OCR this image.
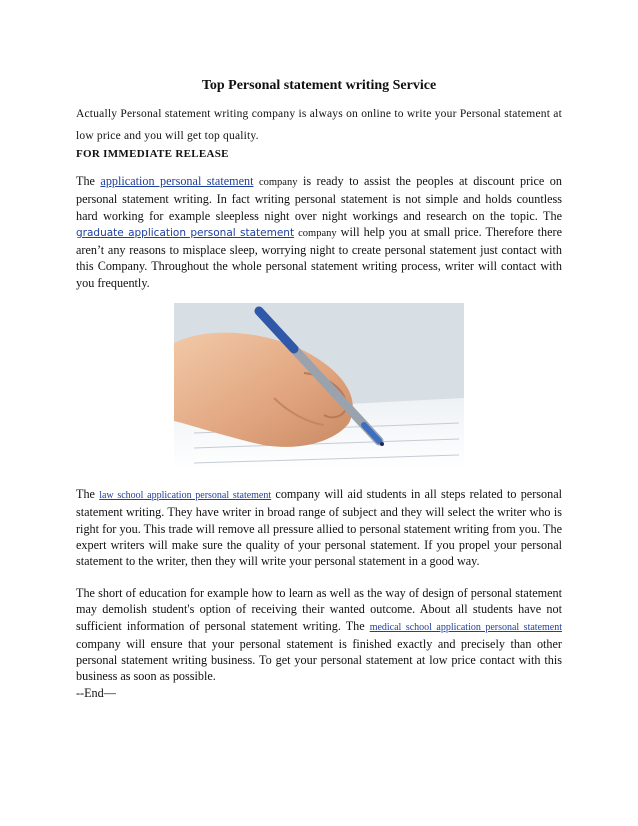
Top Personal statement writing Service

Actually Personal statement writing company is always on online to write your Personal statement at low price and you will get top quality.

FOR IMMEDIATE RELEASE

The application personal statement company is ready to assist the peoples at discount price on personal statement writing. In fact writing personal statement is not simple and holds countless hard working for example sleepless night over night workings and research on the topic. The graduate application personal statement company will help you at small price. Therefore there aren’t any reasons to misplace sleep, worrying night to create personal statement just contact with this Company. Throughout the whole personal statement writing process, writer will contact with you frequently.

The law school application personal statement company will aid students in all steps related to personal statement writing. They have writer in broad range of subject and they will select the writer who is right for you. This trade will remove all pressure allied to personal statement writing from you. The expert writers will make sure the quality of your personal statement. If you propel your personal statement to the writer, then they will write your personal statement in a good way.

The short of education for example how to learn as well as the way of design of personal statement may demolish student's option of receiving their wanted outcome. About all students have not sufficient information of personal statement writing. The medical school application personal statement company will ensure that your personal statement is finished exactly and precisely than other personal statement writing business. To get your personal statement at low price contact with this business as soon as possible.

--End—
